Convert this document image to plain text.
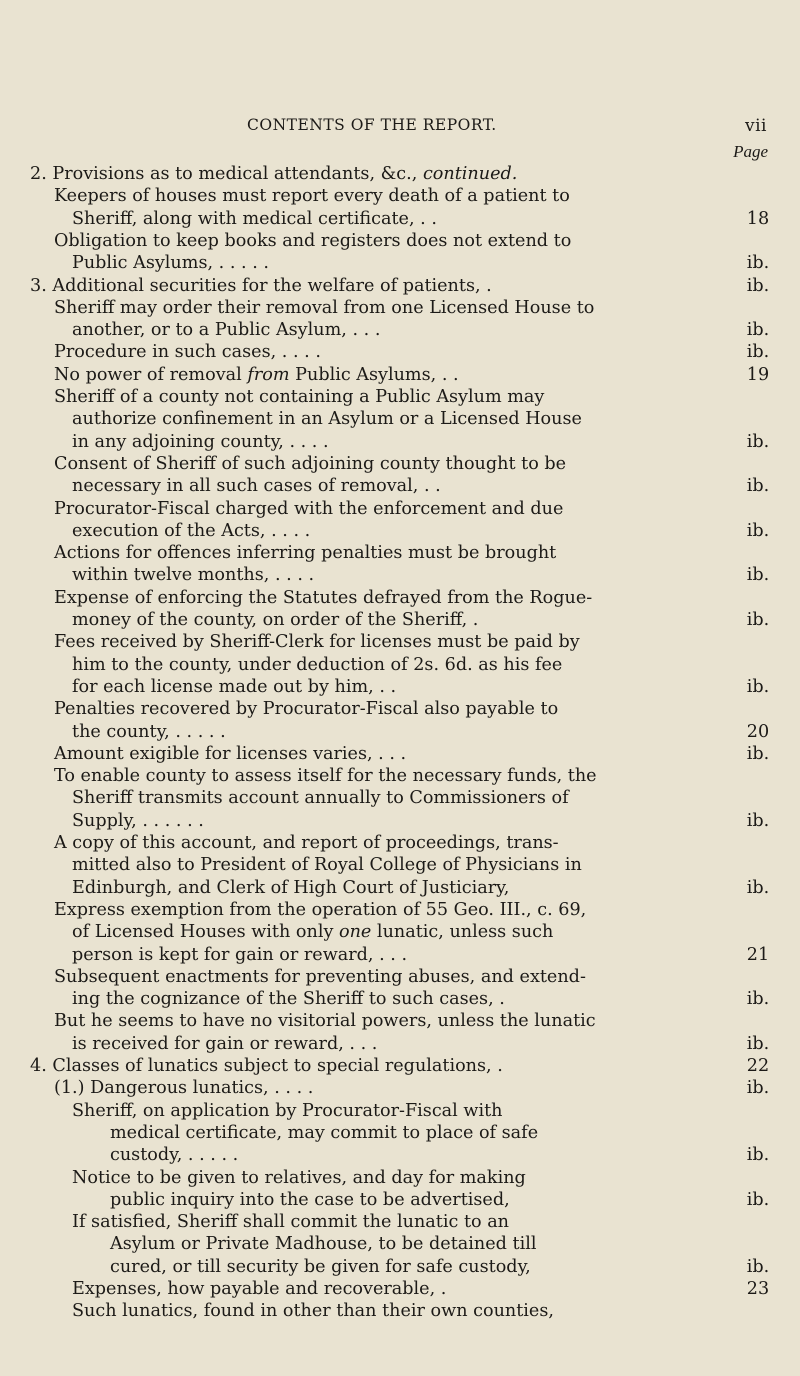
CONTENTS OF THE REPORT.	vii
Page
2. Provisions as to medical attendants, &c., continued.
Keepers of houses must report every death of a patient to
Sheriff, along with medical certificate, . .	18
Obligation to keep books and registers does not extend to
Public Asylums, . . . . .	ib.
3. Additional securities for the welfare of patients, .	ib.
Sheriff may order their removal from one Licensed House to
another, or to a Public Asylum, . . .	ib.
Procedure in such cases, . . . .	ib.
No power of removal from Public Asylums, . .	19
Sheriff of a county not containing a Public Asylum may
authorize confinement in an Asylum or a Licensed House
in any adjoining county, . . . .	ib.
Consent of Sheriff of such adjoining county thought to be
necessary in all such cases of removal, . .	ib.
Procurator-Fiscal charged with the enforcement and due
execution of the Acts, . . . .	ib.
Actions for offences inferring penalties must be brought
within twelve months, . . . .	ib.
Expense of enforcing the Statutes defrayed from the Rogue-
money of the county, on order of the Sheriff, .	ib.
Fees received by Sheriff-Clerk for licenses must be paid by
him to the county, under deduction of 2s. 6d. as his fee
for each license made out by him, . .	ib.
Penalties recovered by Procurator-Fiscal also payable to
the county, . . . . .	20
Amount exigible for licenses varies, . . .	ib.
To enable county to assess itself for the necessary funds, the
Sheriff transmits account annually to Commissioners of
Supply, . . . . . .	ib.
A copy of this account, and report of proceedings, trans-
mitted also to President of Royal College of Physicians in
Edinburgh, and Clerk of High Court of Justiciary,	ib.
Express exemption from the operation of 55 Geo. III., c. 69,
of Licensed Houses with only one lunatic, unless such
person is kept for gain or reward, . . .	21
Subsequent enactments for preventing abuses, and extend-
ing the cognizance of the Sheriff to such cases, .	ib.
But he seems to have no visitorial powers, unless the lunatic
is received for gain or reward, . . .	ib.
4. Classes of lunatics subject to special regulations, .	22
(1.) Dangerous lunatics, . . . .	ib.
Sheriff, on application by Procurator-Fiscal with
medical certificate, may commit to place of safe
custody, . . . . .	ib.
Notice to be given to relatives, and day for making
public inquiry into the case to be advertised,	ib.
If satisfied, Sheriff shall commit the lunatic to an
Asylum or Private Madhouse, to be detained till
cured, or till security be given for safe custody,	ib.
Expenses, how payable and recoverable, .	23
Such lunatics, found in other than their own counties,
